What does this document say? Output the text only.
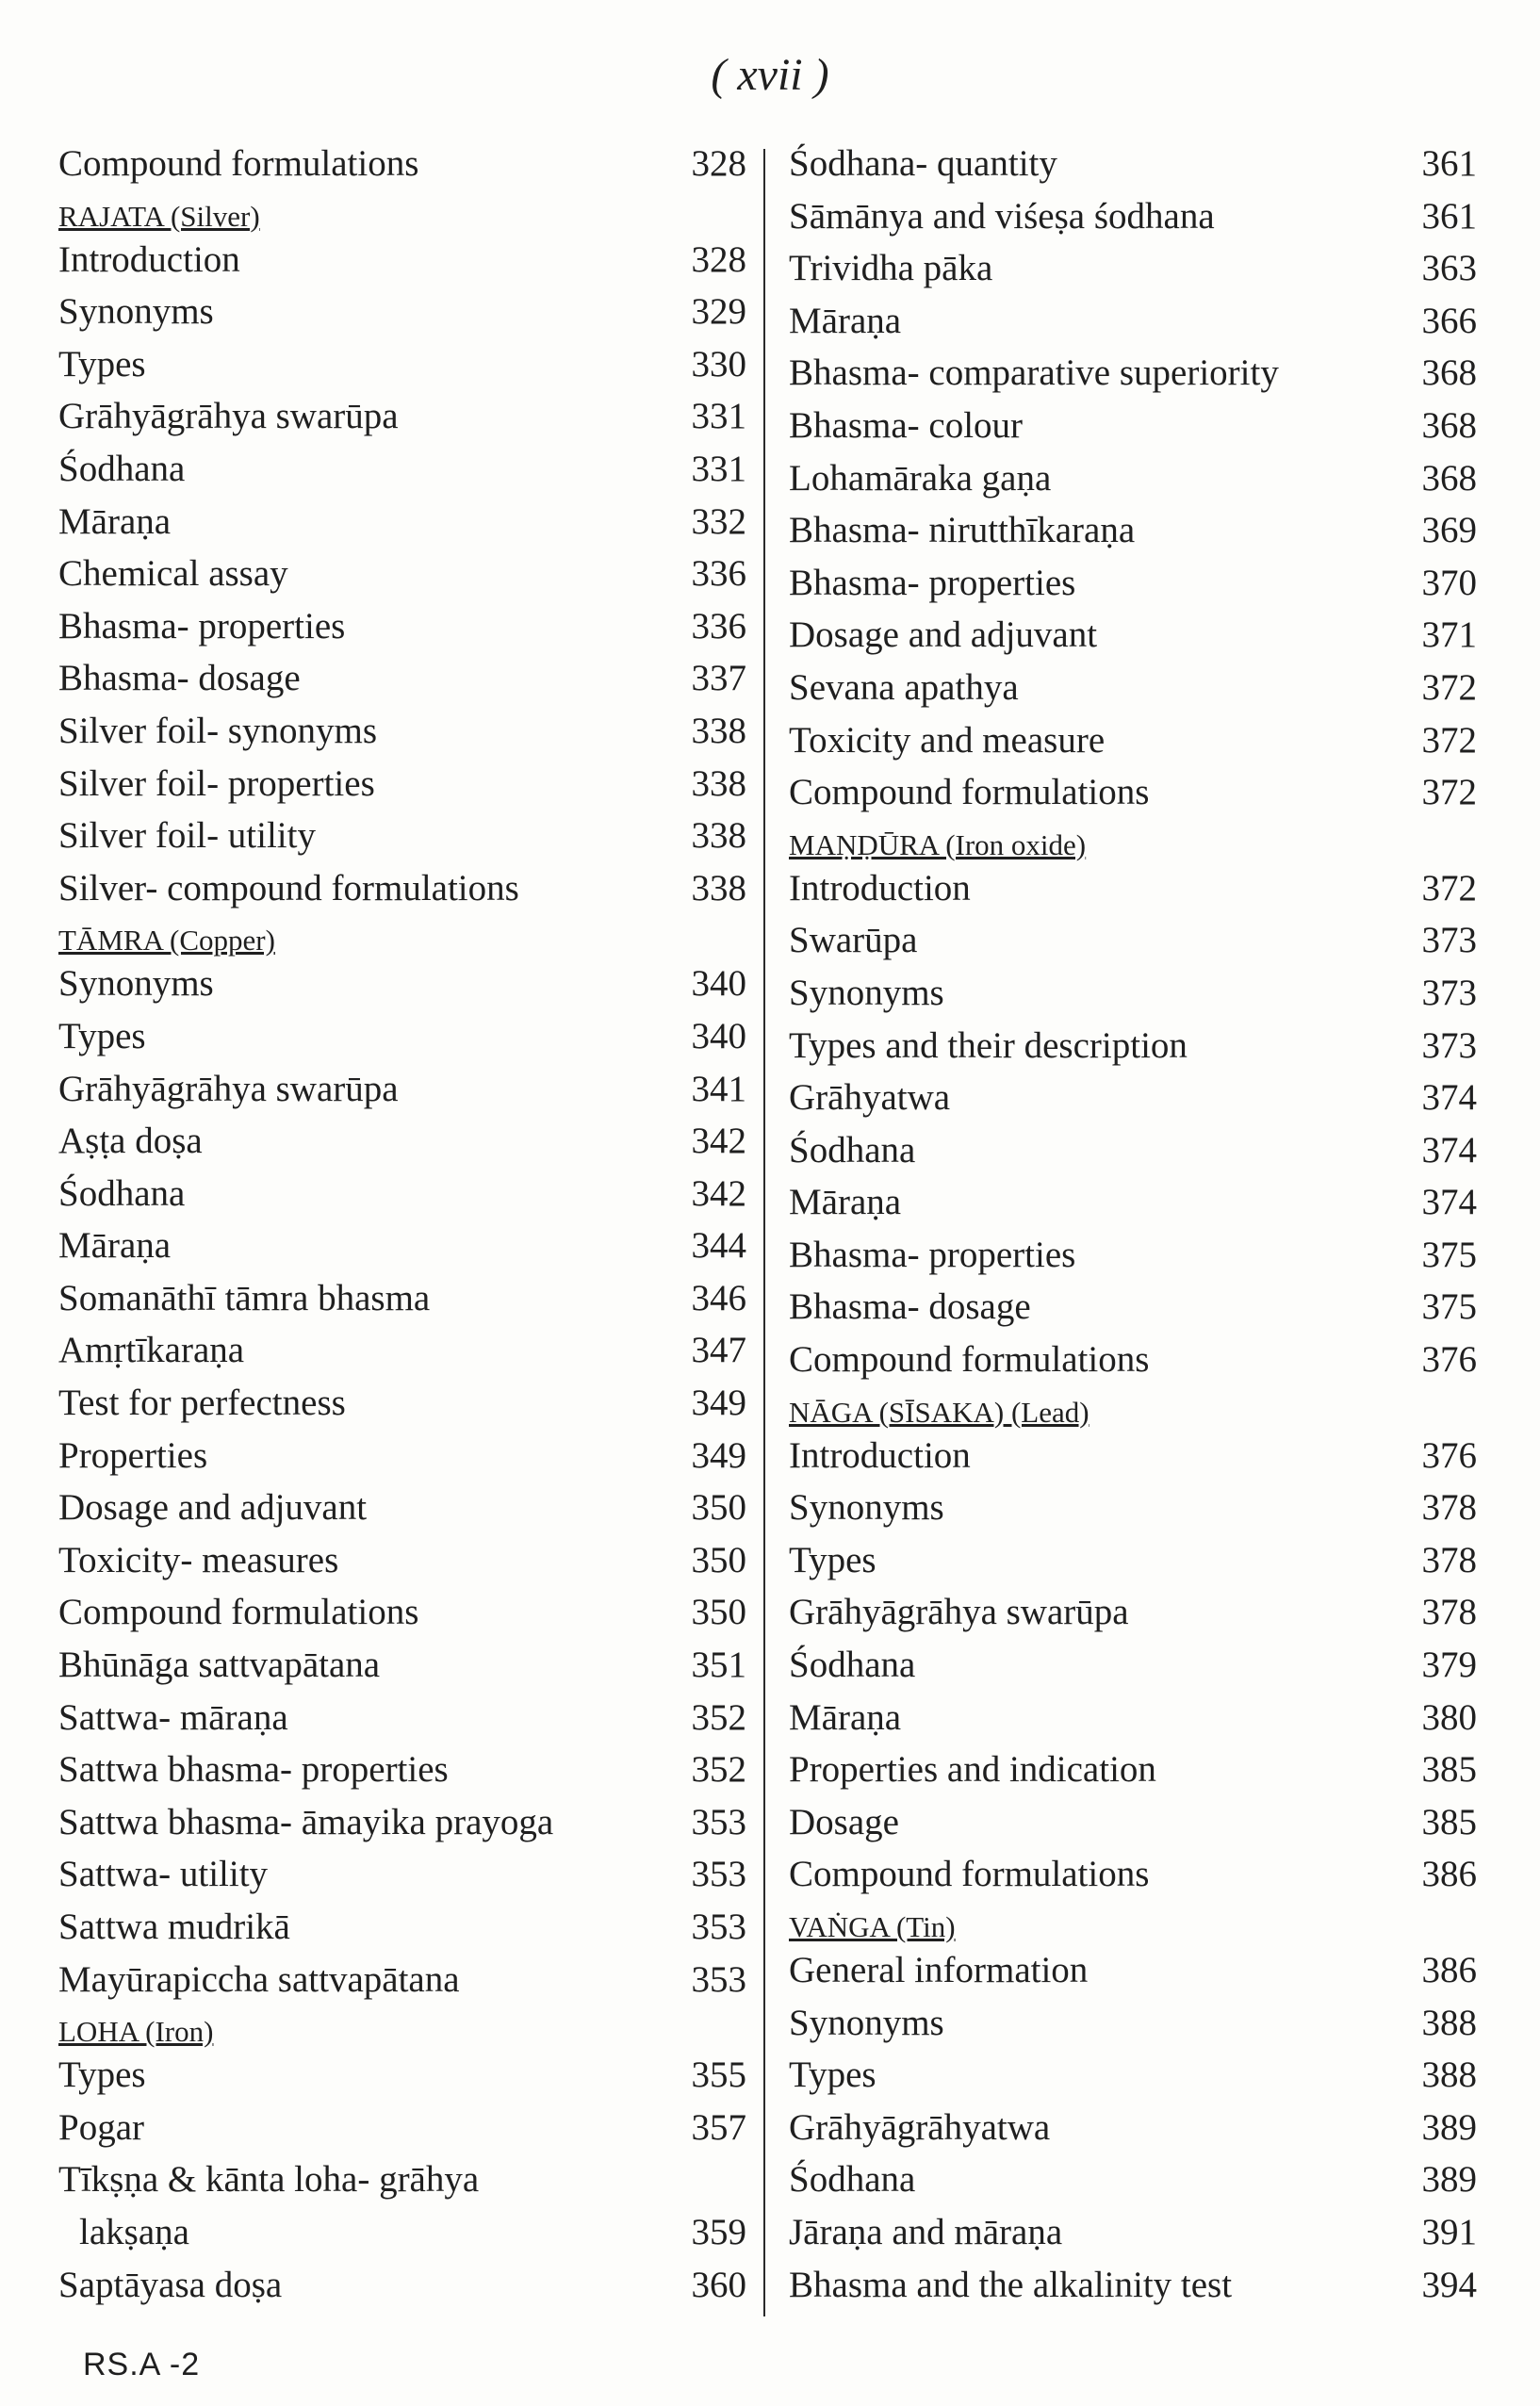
( xvii )
Compound formulations	328
RAJATA (Silver)
Introduction	328
Synonyms	329
Types	330
Grāhyāgrāhya swarūpa	331
Śodhana	331
Māraṇa	332
Chemical assay	336
Bhasma- properties	336
Bhasma- dosage	337
Silver foil- synonyms	338
Silver foil- properties	338
Silver foil- utility	338
Silver- compound formulations	338
TĀMRA (Copper)
Synonyms	340
Types	340
Grāhyāgrāhya swarūpa	341
Aṣṭa doṣa	342
Śodhana	342
Māraṇa	344
Somanāthī tāmra bhasma	346
Amṛtīkaraṇa	347
Test for perfectness	349
Properties	349
Dosage and adjuvant	350
Toxicity- measures	350
Compound formulations	350
Bhūnāga sattvapātana	351
Sattwa- māraṇa	352
Sattwa bhasma- properties	352
Sattwa bhasma- āmayika prayoga	353
Sattwa- utility	353
Sattwa mudrikā	353
Mayūrapiccha sattvapātana	353
LOHA (Iron)
Types	355
Pogar	357
Tīkṣṇa & kānta loha- grāhya
lakṣaṇa	359
Saptāyasa doṣa	360
Śodhana- quantity	361
Sāmānya and viśeṣa śodhana	361
Trividha pāka	363
Māraṇa	366
Bhasma- comparative superiority	368
Bhasma- colour	368
Lohamāraka gaṇa	368
Bhasma- nirutthīkaraṇa	369
Bhasma- properties	370
Dosage and adjuvant	371
Sevana apathya	372
Toxicity and measure	372
Compound formulations	372
MAṆḌŪRA (Iron oxide)
Introduction	372
Swarūpa	373
Synonyms	373
Types and their description	373
Grāhyatwa	374
Śodhana	374
Māraṇa	374
Bhasma- properties	375
Bhasma- dosage	375
Compound formulations	376
NĀGA (SĪSAKA) (Lead)
Introduction	376
Synonyms	378
Types	378
Grāhyāgrāhya swarūpa	378
Śodhana	379
Māraṇa	380
Properties and indication	385
Dosage	385
Compound formulations	386
VAṄGA (Tin)
General information	386
Synonyms	388
Types	388
Grāhyāgrāhyatwa	389
Śodhana	389
Jāraṇa and māraṇa	391
Bhasma and the alkalinity test	394
RS.A -2
